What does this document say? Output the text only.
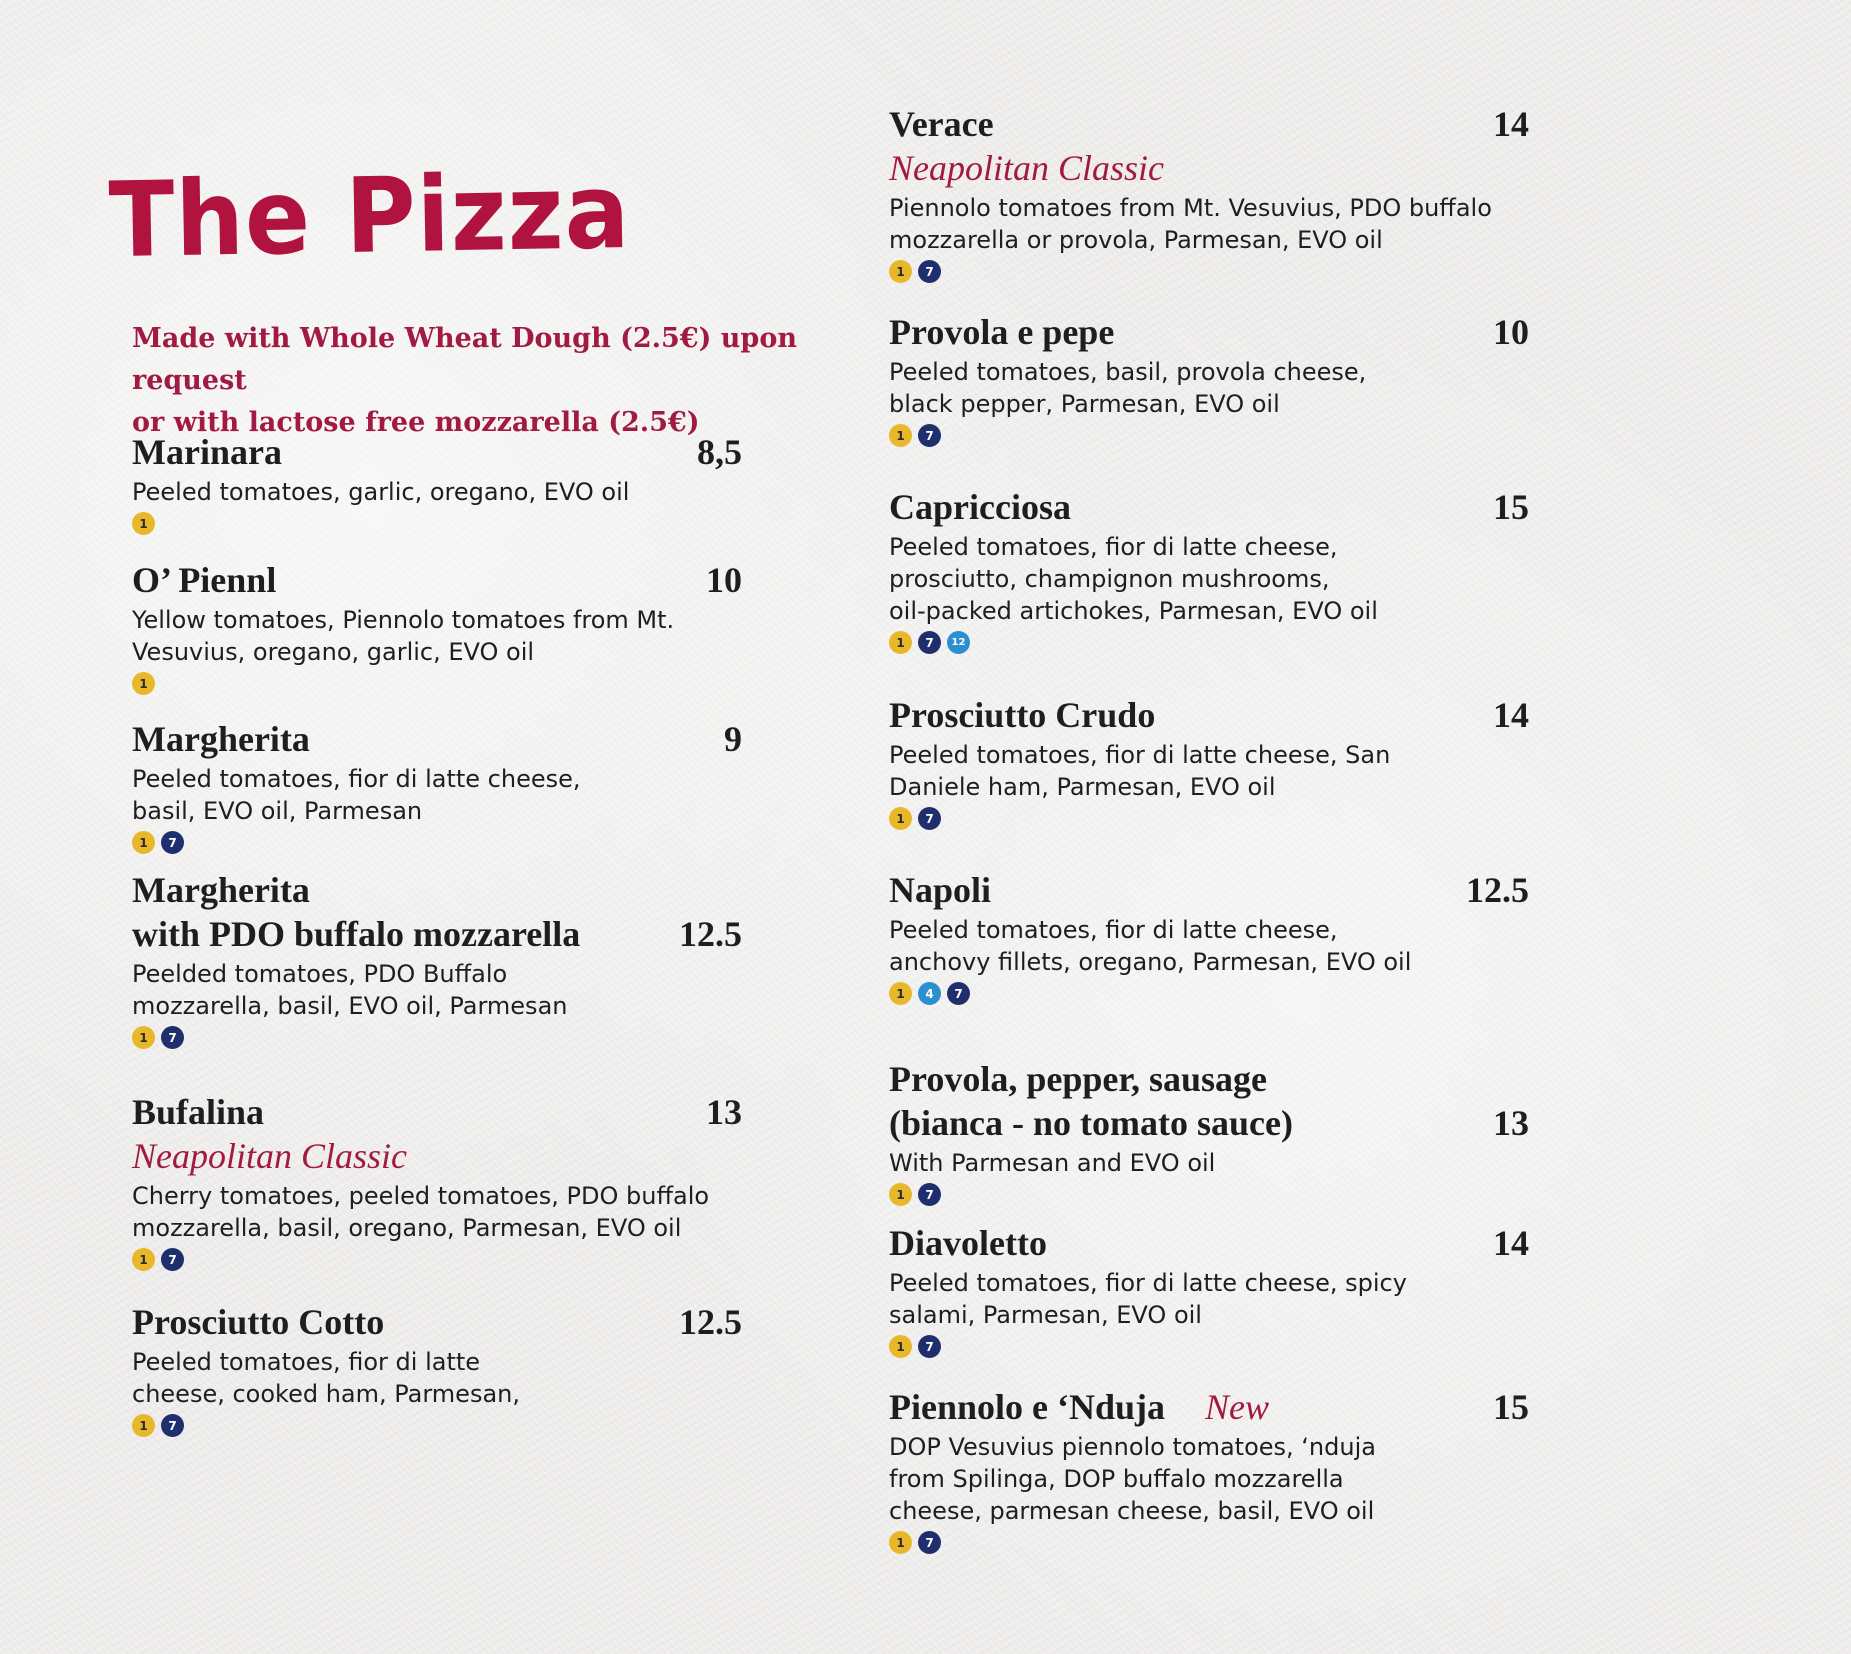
The Pizza
Made with Whole Wheat Dough (2.5€) upon request
or with lactose free mozzarella (2.5€)
Marinara	8,5
Peeled tomatoes, garlic, oregano, EVO oil
1
O’ Piennl	10
Yellow tomatoes, Piennolo tomatoes from Mt.
Vesuvius, oregano, garlic, EVO oil
1
Margherita	9
Peeled tomatoes, fior di latte cheese,
basil, EVO oil, Parmesan
1	7
Margherita
with PDO buffalo mozzarella	12.5
Peelded tomatoes, PDO Buffalo
mozzarella, basil, EVO oil, Parmesan
1	7
Bufalina	13
Neapolitan Classic
Cherry tomatoes, peeled tomatoes, PDO buffalo
mozzarella, basil, oregano, Parmesan, EVO oil
1	7
Prosciutto Cotto	12.5
Peeled tomatoes, fior di latte
cheese, cooked ham, Parmesan,
1	7
Verace	14
Neapolitan Classic
Piennolo tomatoes from Mt. Vesuvius, PDO buffalo
mozzarella or provola, Parmesan, EVO oil
1	7
Provola e pepe	10
Peeled tomatoes, basil, provola cheese,
black pepper, Parmesan, EVO oil
1	7
Capricciosa	15
Peeled tomatoes, fior di latte cheese,
prosciutto, champignon mushrooms,
oil-packed artichokes, Parmesan, EVO oil
1	7	12
Prosciutto Crudo	14
Peeled tomatoes, fior di latte cheese, San
Daniele ham, Parmesan, EVO oil
1	7
Napoli	12.5
Peeled tomatoes, fior di latte cheese,
anchovy fillets, oregano, Parmesan, EVO oil
1	4	7
Provola, pepper, sausage
(bianca - no tomato sauce)	13
With Parmesan and EVO oil
1	7
Diavoletto	14
Peeled tomatoes, fior di latte cheese, spicy
salami, Parmesan, EVO oil
1	7
Piennolo e ‘Nduja New	15
DOP Vesuvius piennolo tomatoes, ‘nduja
from Spilinga, DOP buffalo mozzarella
cheese, parmesan cheese, basil, EVO oil
1	7
